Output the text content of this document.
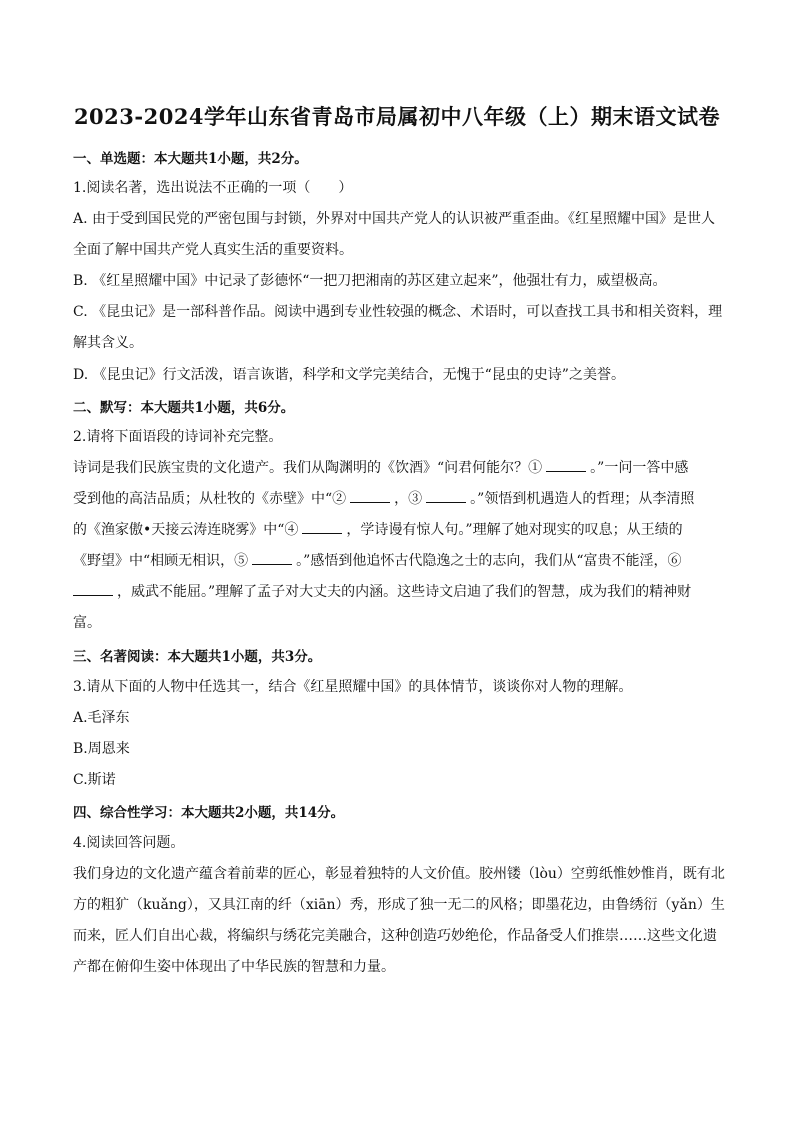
2023-2024学年山东省青岛市局属初中八年级（上）期末语文试卷
一、单选题：本大题共1小题，共2分。
1.阅读名著，选出说法不正确的一项（　　）
A. 由于受到国民党的严密包围与封锁，外界对中国共产党人的认识被严重歪曲。《红星照耀中国》是世人
全面了解中国共产党人真实生活的重要资料。
B. 《红星照耀中国》中记录了彭德怀“一把刀把湘南的苏区建立起来”，他强壮有力，威望极高。
C. 《昆虫记》是一部科普作品。阅读中遇到专业性较强的概念、术语时，可以查找工具书和相关资料，理
解其含义。
D. 《昆虫记》行文活泼，语言诙谐，科学和文学完美结合，无愧于“昆虫的史诗”之美誉。
二、默写：本大题共1小题，共6分。
2.请将下面语段的诗词补充完整。
诗词是我们民族宝贵的文化遗产。我们从陶渊明的《饮酒》“问君何能尔？①	。”一问一答中感
受到他的高洁品质；从杜牧的《赤壁》中“②	，③	。”领悟到机遇造人的哲理；从李清照
的《渔家傲•天接云涛连晓雾》中“④	，学诗谩有惊人句。”理解了她对现实的叹息；从王绩的
《野望》中“相顾无相识，⑤	。”感悟到他追怀古代隐逸之士的志向，我们从“富贵不能淫，⑥
，威武不能屈。”理解了孟子对大丈夫的内涵。这些诗文启迪了我们的智慧，成为我们的精神财
富。
三、名著阅读：本大题共1小题，共3分。
3.请从下面的人物中任选其一，结合《红星照耀中国》的具体情节，谈谈你对人物的理解。
A.毛泽东
B.周恩来
C.斯诺
四、综合性学习：本大题共2小题，共14分。
4.阅读回答问题。
我们身边的文化遗产蕴含着前辈的匠心，彰显着独特的人文价值。胶州镂（lòu）空剪纸惟妙惟肖，既有北
方的粗犷（kuǎng），又具江南的纤（xiān）秀，形成了独一无二的风格；即墨花边，由鲁绣衍（yǎn）生
而来，匠人们自出心裁，将编织与绣花完美融合，这种创造巧妙绝伦，作品备受人们推崇……这些文化遗
产都在俯仰生姿中体现出了中华民族的智慧和力量。
